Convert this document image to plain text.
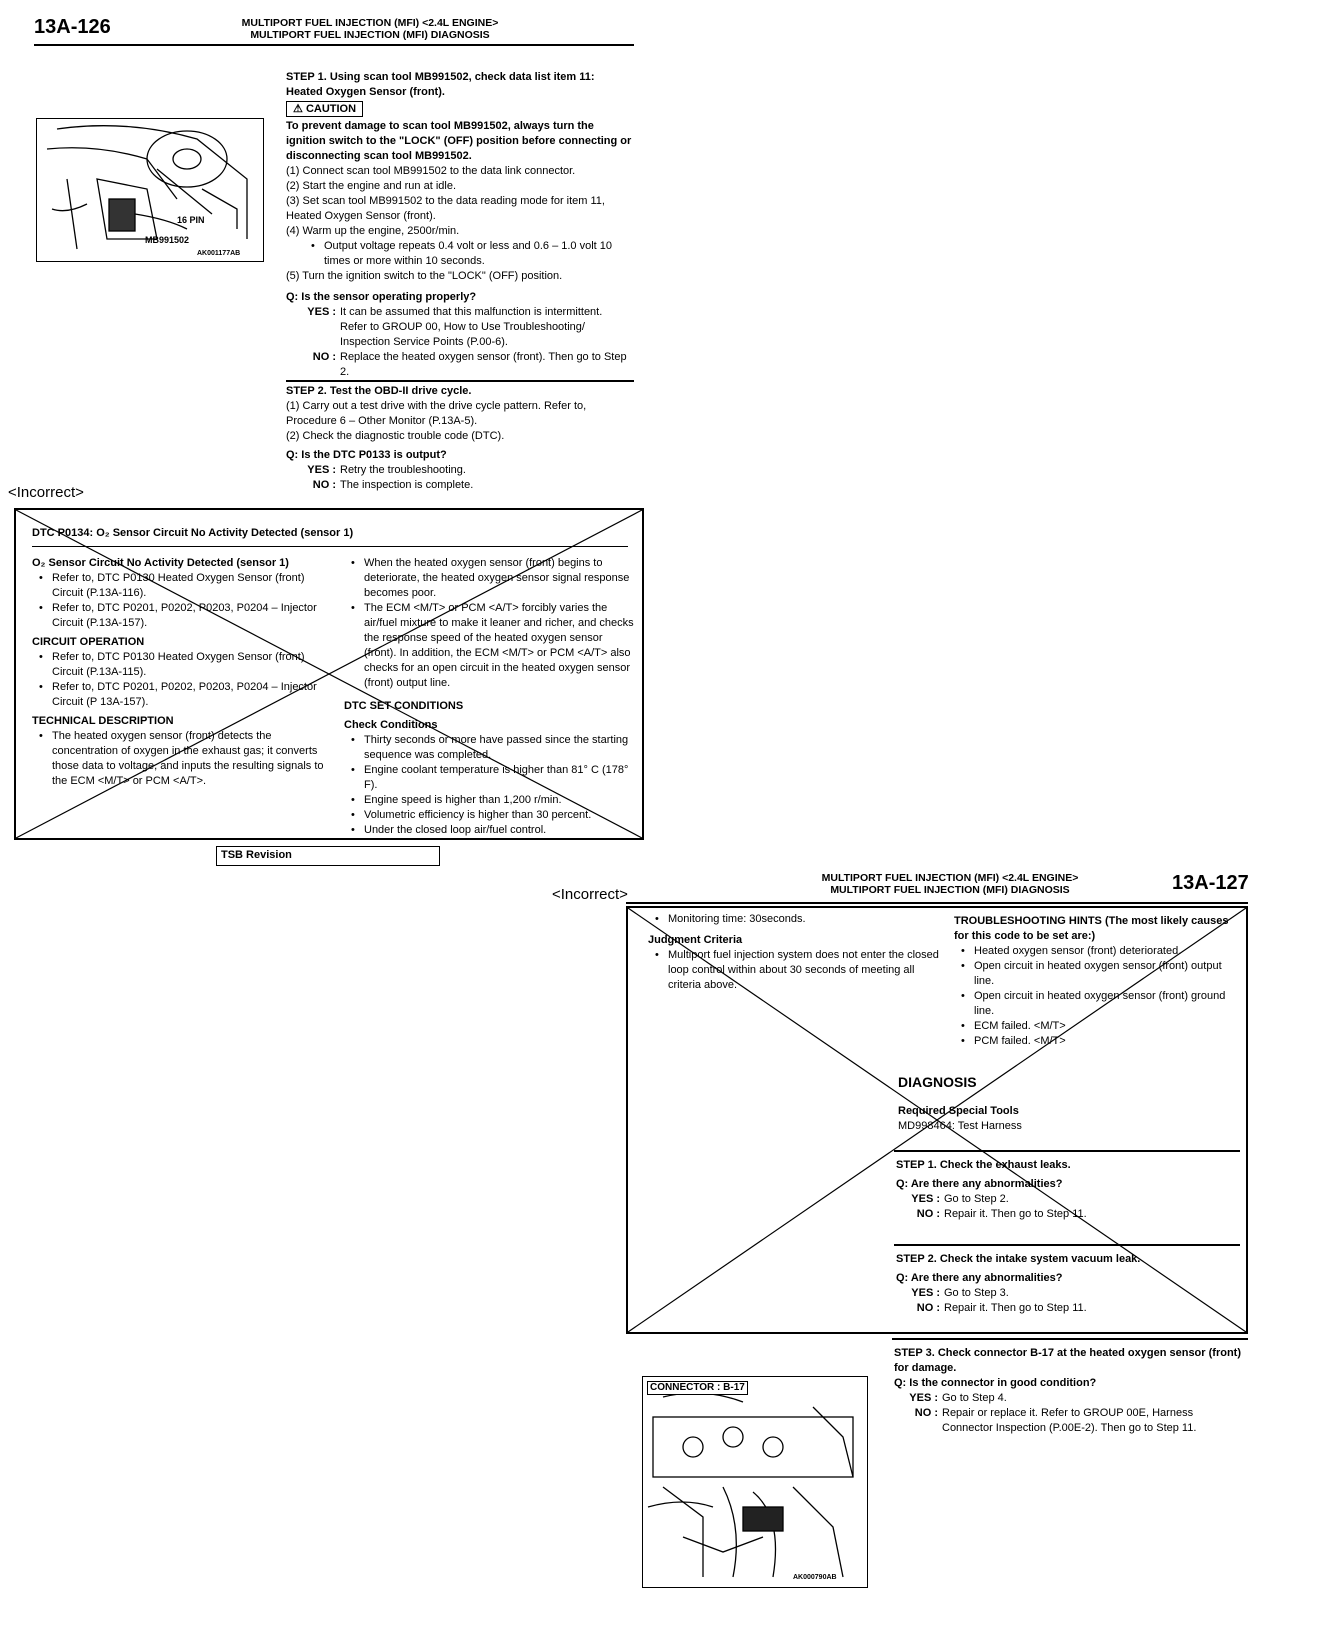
13A-126	MULTIPORT FUEL INJECTION (MFI) <2.4L ENGINE>
MULTIPORT FUEL INJECTION (MFI) DIAGNOSIS
16 PIN
MB991502
AK001177AB
STEP 1. Using scan tool MB991502, check data list item 11: Heated Oxygen Sensor (front).
⚠ CAUTION
To prevent damage to scan tool MB991502, always turn the ignition switch to the "LOCK" (OFF) position before connecting or disconnecting scan tool MB991502.
(1) Connect scan tool MB991502 to the data link connector.
(2) Start the engine and run at idle.
(3) Set scan tool MB991502 to the data reading mode for item 11, Heated Oxygen Sensor (front).
(4) Warm up the engine, 2500r/min.
• Output voltage repeats 0.4 volt or less and 0.6 – 1.0 volt 10 times or more within 10 seconds.
(5) Turn the ignition switch to the "LOCK" (OFF) position.
Q: Is the sensor operating properly?
YES : It can be assumed that this malfunction is intermittent. Refer to GROUP 00, How to Use Troubleshooting/ Inspection Service Points (P.00-6).
NO : Replace the heated oxygen sensor (front). Then go to Step 2.
STEP 2. Test the OBD-II drive cycle.
(1) Carry out a test drive with the drive cycle pattern. Refer to, Procedure 6 – Other Monitor (P.13A-5).
(2) Check the diagnostic trouble code (DTC).
Q: Is the DTC P0133 is output?
YES : Retry the troubleshooting.
NO : The inspection is complete.
<Incorrect>
DTC P0134: O₂ Sensor Circuit No Activity Detected (sensor 1)
O₂ Sensor Circuit No Activity Detected (sensor 1)
• Refer to, DTC P0130 Heated Oxygen Sensor (front) Circuit (P.13A-116).
• Refer to, DTC P0201, P0202, P0203, P0204 – Injector Circuit (P.13A-157).
CIRCUIT OPERATION
• Refer to, DTC P0130 Heated Oxygen Sensor (front) Circuit (P.13A-115).
• Refer to, DTC P0201, P0202, P0203, P0204 – Injector Circuit (P 13A-157).
TECHNICAL DESCRIPTION
• The heated oxygen sensor (front) detects the concentration of oxygen in the exhaust gas; it converts those data to voltage, and inputs the resulting signals to the ECM <M/T> or PCM <A/T>.
• When the heated oxygen sensor (front) begins to deteriorate, the heated oxygen sensor signal response becomes poor.
• The ECM <M/T> or PCM <A/T> forcibly varies the air/fuel mixture to make it leaner and richer, and checks the response speed of the heated oxygen sensor (front). In addition, the ECM <M/T> or PCM <A/T> also checks for an open circuit in the heated oxygen sensor (front) output line.
DTC SET CONDITIONS
Check Conditions
• Thirty seconds or more have passed since the starting sequence was completed.
• Engine coolant temperature is higher than 81° C (178° F).
• Engine speed is higher than 1,200 r/min.
• Volumetric efficiency is higher than 30 percent.
• Under the closed loop air/fuel control.
TSB Revision
MULTIPORT FUEL INJECTION (MFI) <2.4L ENGINE>
MULTIPORT FUEL INJECTION (MFI) DIAGNOSIS	13A-127
<Incorrect>
• Monitoring time: 30seconds.
Judgment Criteria
• Multiport fuel injection system does not enter the closed loop control within about 30 seconds of meeting all criteria above.
TROUBLESHOOTING HINTS (The most likely causes for this code to be set are:)
• Heated oxygen sensor (front) deteriorated.
• Open circuit in heated oxygen sensor (front) output line.
• Open circuit in heated oxygen sensor (front) ground line.
• ECM failed. <M/T>
• PCM failed. <M/T>
DIAGNOSIS
Required Special Tools
MD998464: Test Harness
STEP 1. Check the exhaust leaks.
Q: Are there any abnormalities?
YES : Go to Step 2.
NO : Repair it. Then go to Step 11.
STEP 2. Check the intake system vacuum leak.
Q: Are there any abnormalities?
YES : Go to Step 3.
NO : Repair it. Then go to Step 11.
STEP 3. Check connector B-17 at the heated oxygen sensor (front) for damage.
Q: Is the connector in good condition?
YES : Go to Step 4.
NO : Repair or replace it. Refer to GROUP 00E, Harness Connector Inspection (P.00E-2). Then go to Step 11.
CONNECTOR : B-17
AK000790AB
